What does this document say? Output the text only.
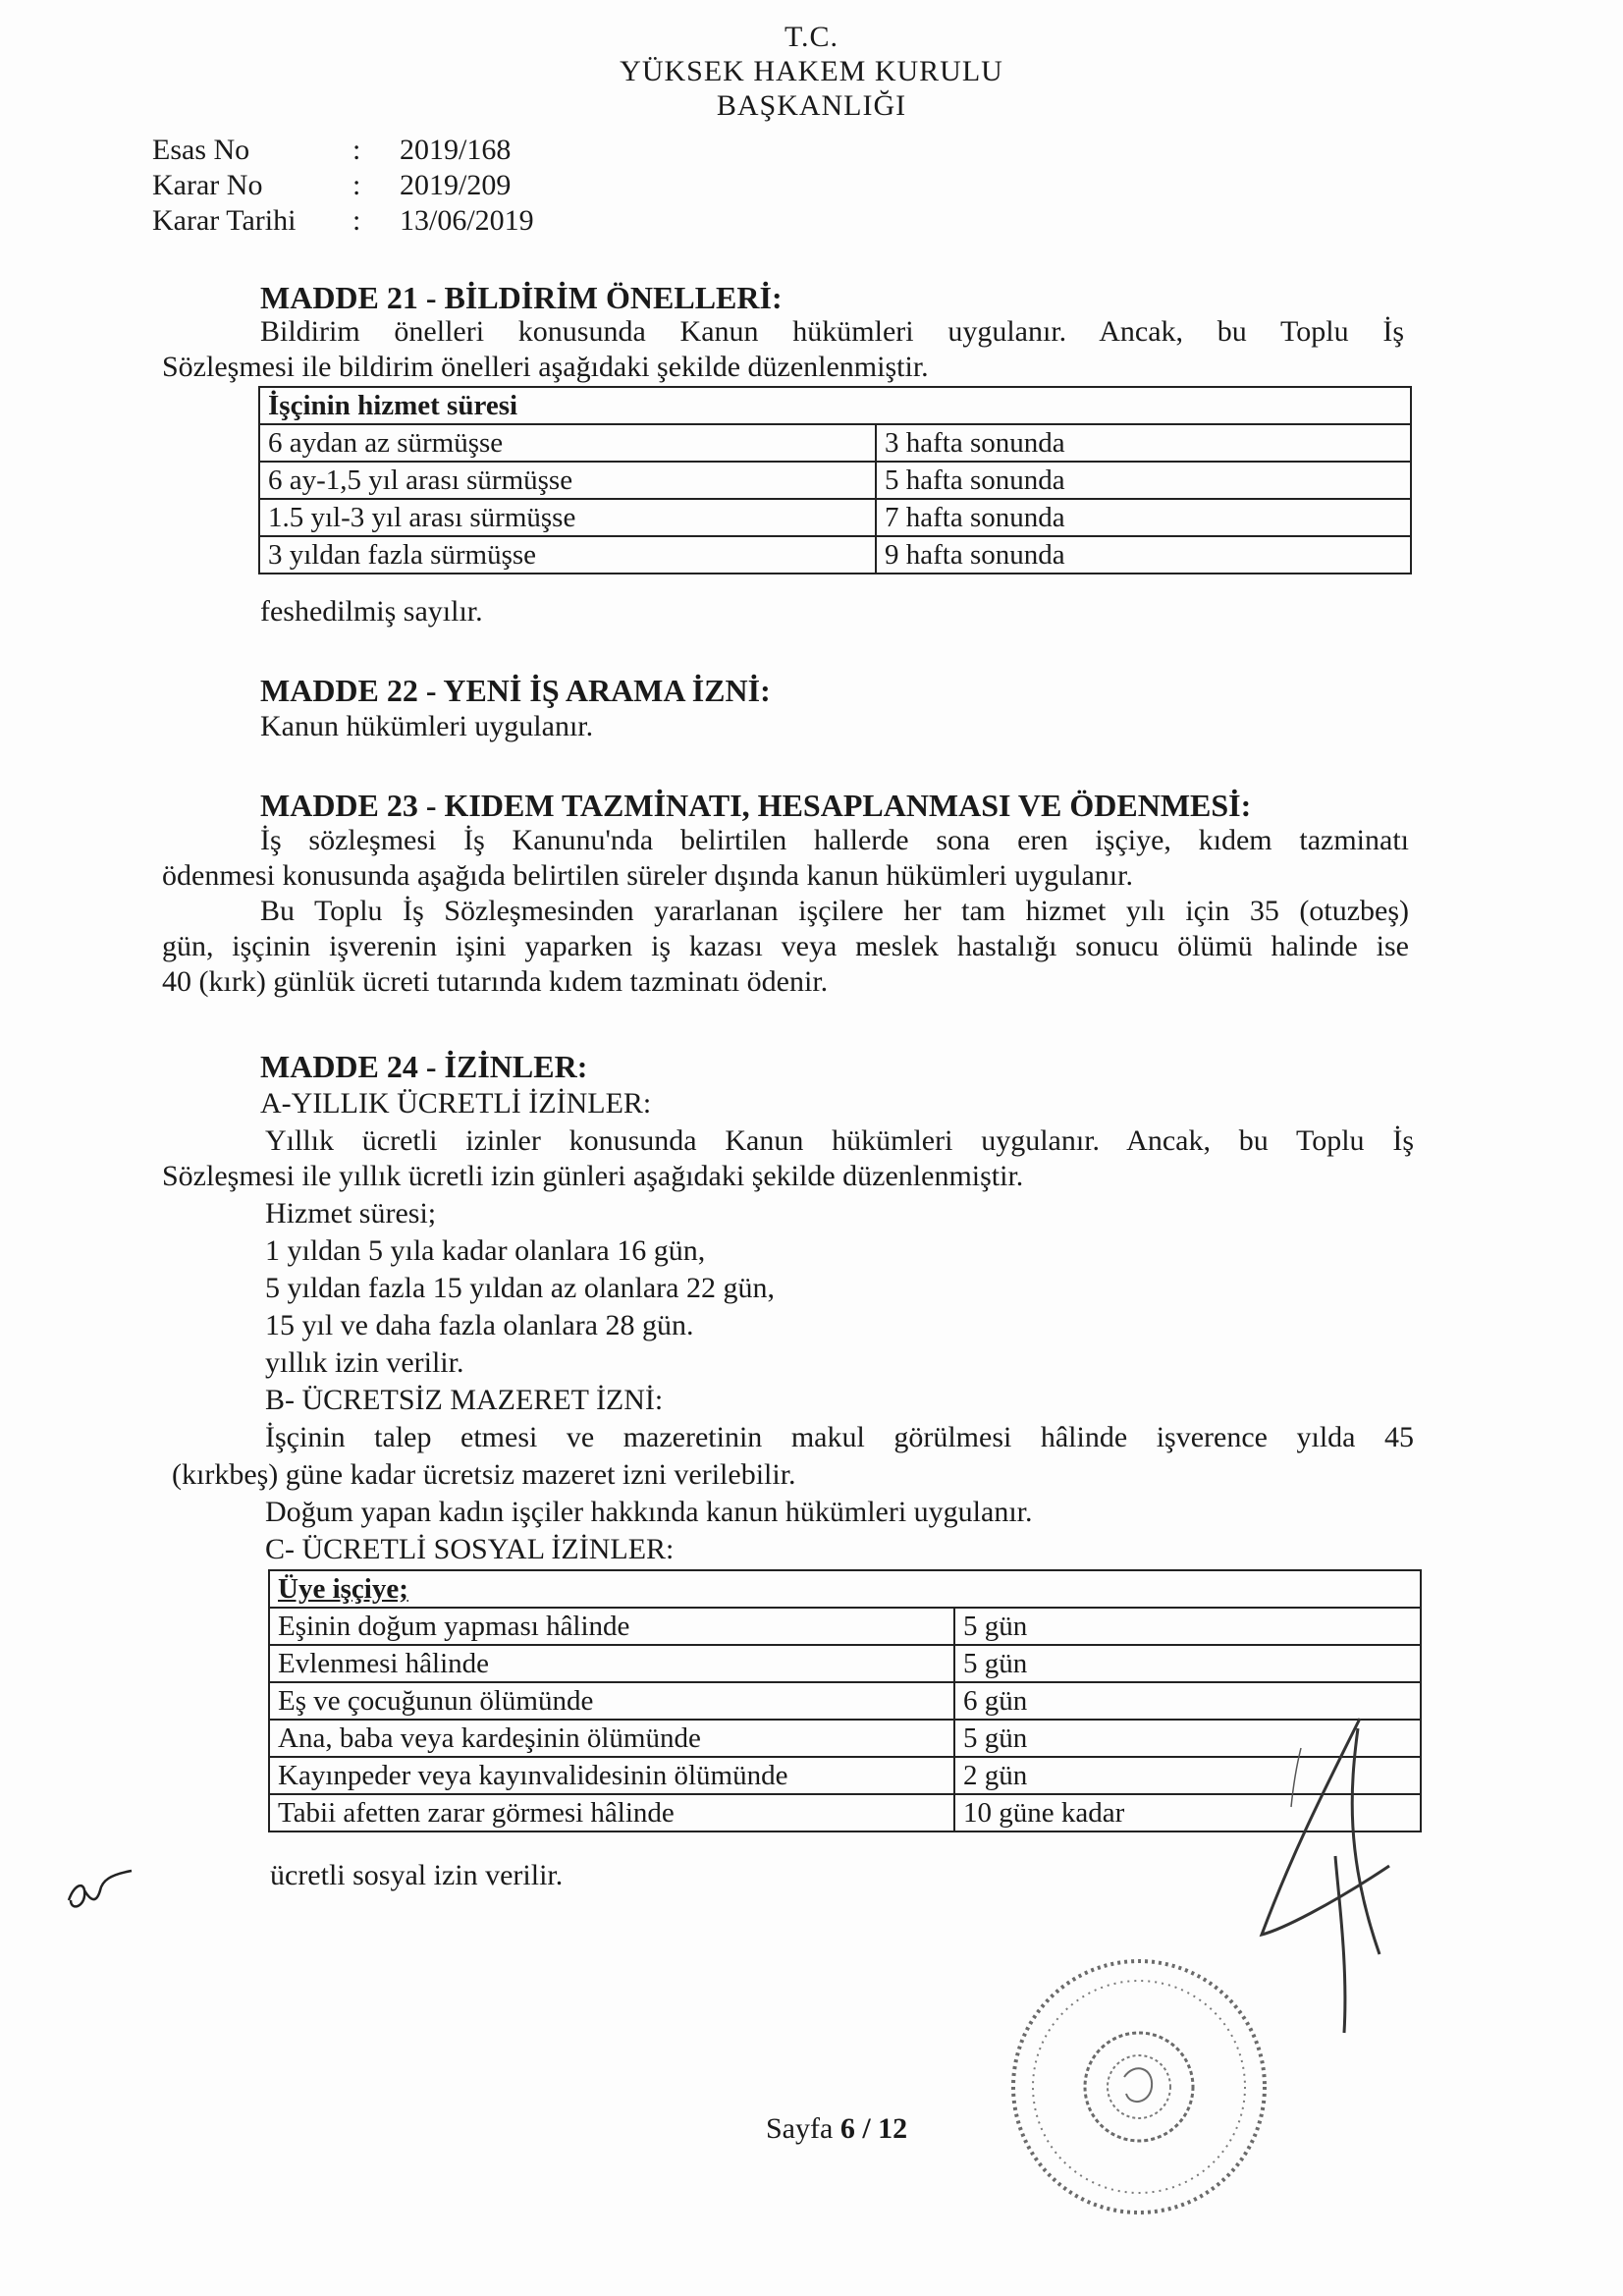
T.C.
YÜKSEK HAKEM KURULU
BAŞKANLIĞI
Esas No	: 2019/168
Karar No	: 2019/209
Karar Tarihi : 13/06/2019
MADDE 21 - BİLDİRİM ÖNELLERİ:
Bildirim önelleri konusunda Kanun hükümleri uygulanır. Ancak, bu Toplu İş
Sözleşmesi ile bildirim önelleri aşağıdaki şekilde düzenlenmiştir.
İşçinin hizmet süresi	
6 aydan az sürmüşse	3 hafta sonunda
6 ay-1,5 yıl arası sürmüşse	5 hafta sonunda
1.5 yıl-3 yıl arası sürmüşse	7 hafta sonunda
3 yıldan fazla sürmüşse	9 hafta sonunda
feshedilmiş sayılır.
MADDE 22 - YENİ İŞ ARAMA İZNİ:
Kanun hükümleri uygulanır.
MADDE 23 - KIDEM TAZMİNATI, HESAPLANMASI VE ÖDENMESİ:
İş sözleşmesi İş Kanunu'nda belirtilen hallerde sona eren işçiye, kıdem tazminatı
ödenmesi konusunda aşağıda belirtilen süreler dışında kanun hükümleri uygulanır.
Bu Toplu İş Sözleşmesinden yararlanan işçilere her tam hizmet yılı için 35 (otuzbeş)
gün, işçinin işverenin işini yaparken iş kazası veya meslek hastalığı sonucu ölümü halinde ise
40 (kırk) günlük ücreti tutarında kıdem tazminatı ödenir.
MADDE 24 - İZİNLER:
A-YILLIK ÜCRETLİ İZİNLER:
Yıllık ücretli izinler konusunda Kanun hükümleri uygulanır. Ancak, bu Toplu İş
Sözleşmesi ile yıllık ücretli izin günleri aşağıdaki şekilde düzenlenmiştir.
Hizmet süresi;
1 yıldan 5 yıla kadar olanlara 16 gün,
5 yıldan fazla 15 yıldan az olanlara 22 gün,
15 yıl ve daha fazla olanlara 28 gün.
yıllık izin verilir.
B- ÜCRETSİZ MAZERET İZNİ:
İşçinin talep etmesi ve mazeretinin makul görülmesi hâlinde işverence yılda 45
(kırkbeş) güne kadar ücretsiz mazeret izni verilebilir.
Doğum yapan kadın işçiler hakkında kanun hükümleri uygulanır.
C- ÜCRETLİ SOSYAL İZİNLER:
Üye işçiye;	
Eşinin doğum yapması hâlinde	5 gün
Evlenmesi hâlinde	5 gün
Eş ve çocuğunun ölümünde	6 gün
Ana, baba veya kardeşinin ölümünde	5 gün
Kayınpeder veya kayınvalidesinin ölümünde	2 gün
Tabii afetten zarar görmesi hâlinde	10 güne kadar
ücretli sosyal izin verilir.
Sayfa 6 / 12
